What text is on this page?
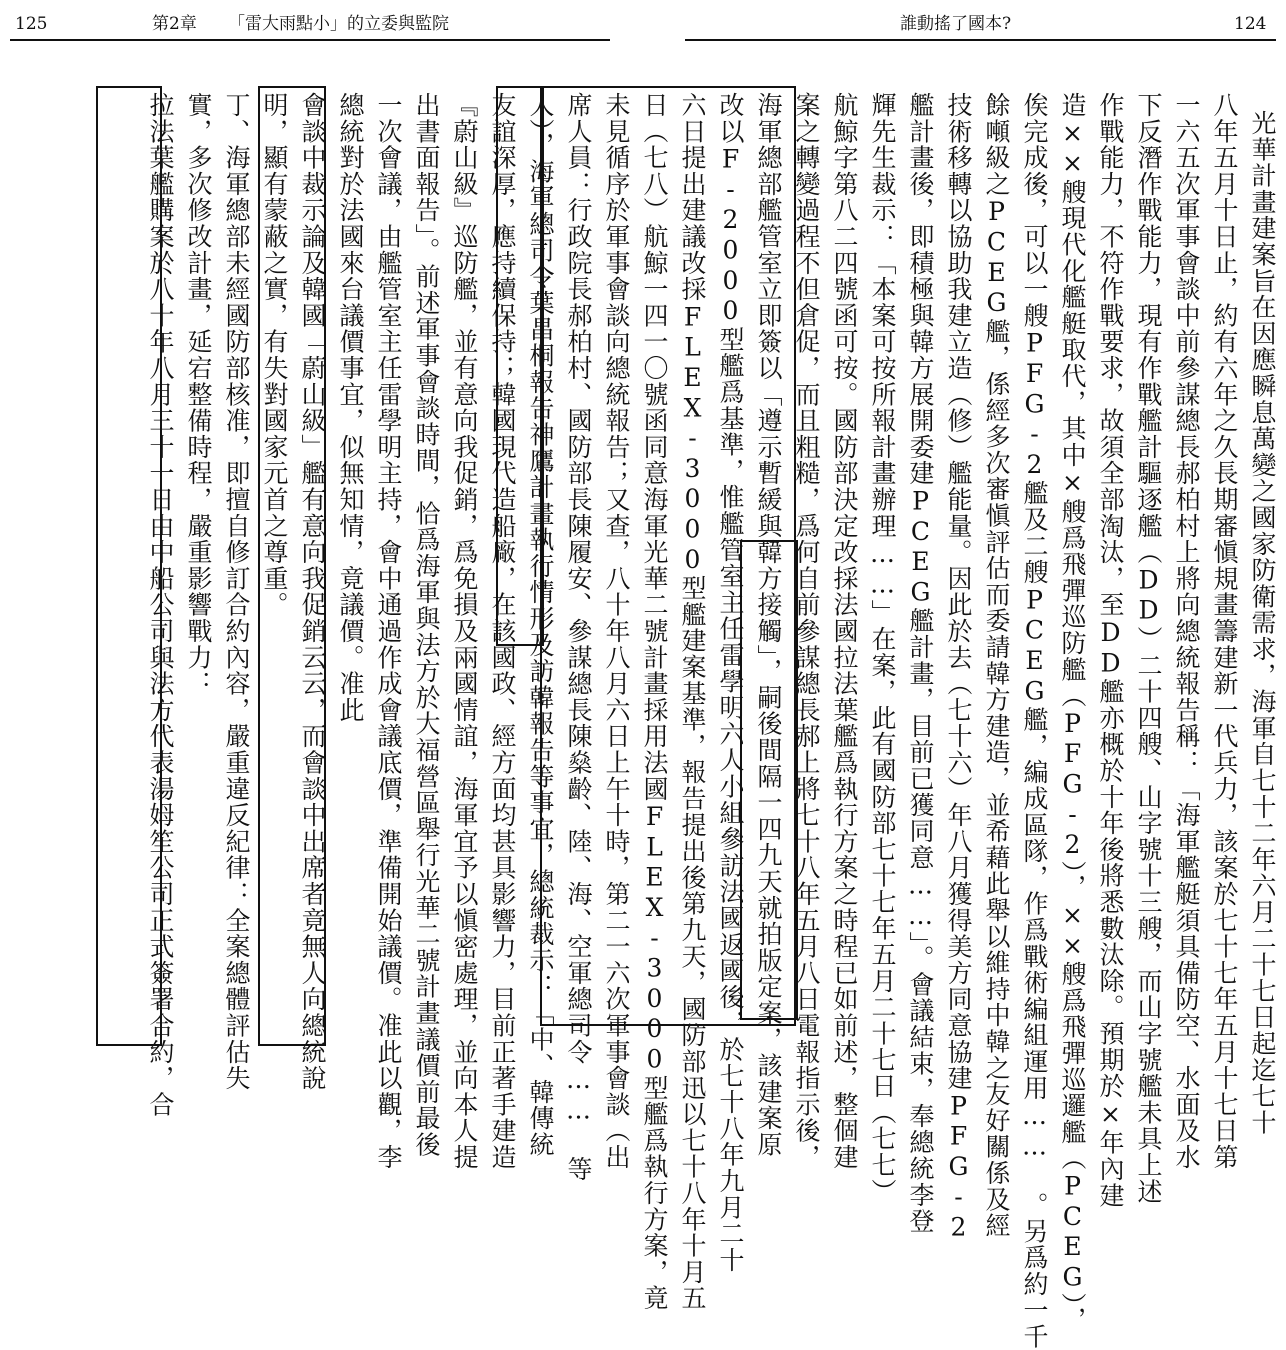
125	第2章 「雷大雨點小」的立委與監院	誰動搖了國本?	124
光華計畫建案旨在因應瞬息萬變之國家防衛需求，海軍自七十二年六月二十七日起迄七十
八年五月十日止，約有六年之久長期審愼規畫籌建新一代兵力，該案於七十七年五月十七日第
一六五次軍事會談中前參謀總長郝柏村上將向總統報告稱：「海軍艦艇須具備防空、水面及水
下反潛作戰能力，現有作戰艦計驅逐艦（DD）二十四艘、山字號十三艘，而山字號艦未具上述
作戰能力，不符作戰要求，故須全部淘汰，至DD艦亦概於十年後將悉數汰除。預期於×年內建
造××艘現代化艦艇取代，其中×艘爲飛彈巡防艦（PFG-2），××艘爲飛彈巡邏艦（PCEG），
俟完成後，可以一艘PFG-2艦及二艘PCEG艦，編成區隊，作爲戰術編組運用…… 。另爲約一千
餘噸級之PCEG艦，係經多次審愼評估而委請韓方建造，並希藉此舉以維持中韓之友好關係及經
技術移轉以協助我建立造（修）艦能量。因此於去（七十六）年八月獲得美方同意協建PFG-2
艦計畫後，即積極與韓方展開委建PCEG艦計畫，目前已獲同意……」。會議結束，奉總統李登
輝先生裁示：「本案可按所報計畫辦理……」在案，此有國防部七十七年五月二十七日（七七）
航鯨字第八二四號函可按。國防部決定改採法國拉法葉艦爲執行方案之時程已如前述，整個建
案之轉變過程不但倉促，而且粗糙，爲何自前參謀總長郝上將七十八年五月八日電報指示後，
海軍總部艦管室立即簽以「遵示暫緩與韓方接觸」，嗣後間隔一四九天就拍版定案，該建案原
改以F-2000型艦爲基準，惟艦管室主任雷學明六人小組參訪法國返國後，於七十八年九月二十
六日提出建議改採FLEX-3000型艦建案基準，報告提出後第九天，國防部迅以七十八年十月五
日（七八）航鯨一四一〇號函同意海軍光華二號計畫採用法國FLEX-3000型艦爲執行方案，竟
未見循序於軍事會談向總統報告；又查，八十年八月六日上午十時，第二一六次軍事會談（出
席人員：行政院長郝柏村、國防部長陳履安、參謀總長陳燊齡、陸、海、空軍總司令…… 等
人），海軍總司令葉昌桐報告神鷹計畫執行情形及訪韓報告等事宜，總統裁示：「中、韓傳統
友誼深厚，應持續保持；韓國現代造船廠，在該國政、經方面均甚具影響力，目前正著手建造
『蔚山級』巡防艦，並有意向我促銷，爲免損及兩國情誼，海軍宜予以愼密處理，並向本人提
出書面報告」。前述軍事會談時間，恰爲海軍與法方於大福營區舉行光華二號計畫議價前最後
一次會議，由艦管室主任雷學明主持，會中通過作成會議底價，準備開始議價。准此以觀，李
總統對於法國來台議價事宜，似無知情，竟議價。准此
會談中裁示論及韓國「蔚山級」艦有意向我促銷云云，而會談中出席者竟無人向總統說
明，顯有蒙蔽之實，有失對國家元首之尊重。
丁、海軍總部未經國防部核准，即擅自修訂合約內容，嚴重違反紀律：全案總體評估失
實，多次修改計畫，延宕整備時程，嚴重影響戰力：
拉法葉艦購案於八十年八月三十一日由中船公司與法方代表湯姆笙公司正式簽署合約，合
